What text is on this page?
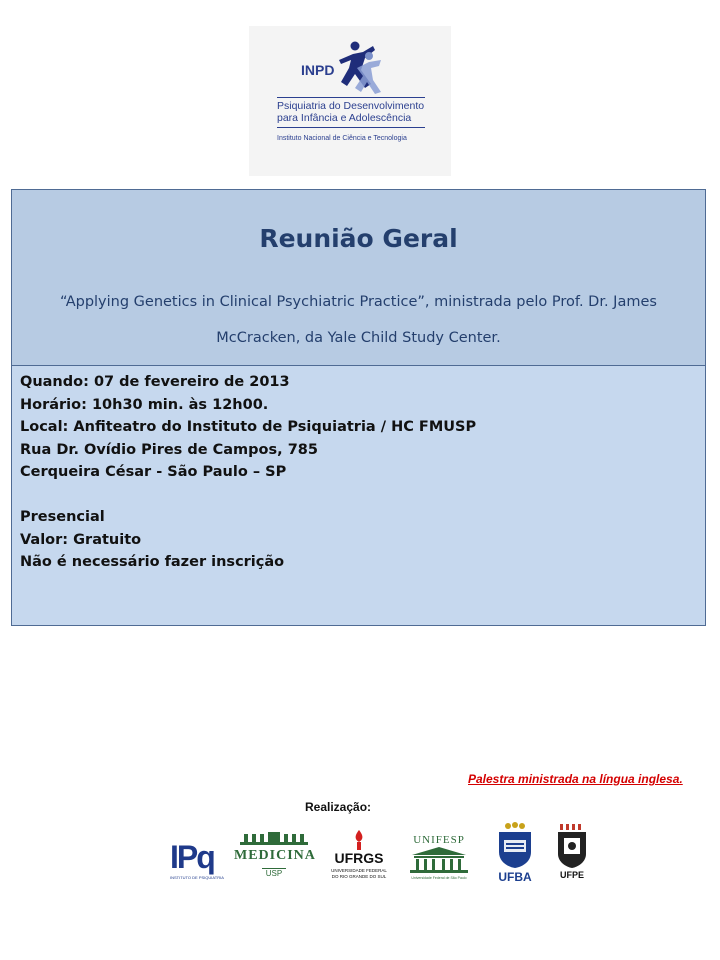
INPD
Psiquiatria do Desenvolvimento
para Infância e Adolescência
Instituto Nacional de Ciência e Tecnologia
Reunião Geral
“Applying Genetics in Clinical Psychiatric Practice”, ministrada pelo Prof. Dr. James McCracken, da Yale Child Study Center.
Quando: 07 de fevereiro de 2013
Horário: 10h30 min. às 12h00.
Local: Anfiteatro do Instituto de Psiquiatria / HC FMUSP
Rua Dr. Ovídio Pires de Campos, 785
Cerqueira César - São Paulo – SP
Presencial
Valor: Gratuito
Não é necessário fazer inscrição
Palestra ministrada na língua inglesa.
Realização:
IPq
INSTITUTO DE PSIQUIATRIA
MEDICINA
USP
UFRGS
UNIVERSIDADE FEDERAL
DO RIO GRANDE DO SUL
UNIFESP
Universidade Federal de São Paulo	UFBA	UFPE
